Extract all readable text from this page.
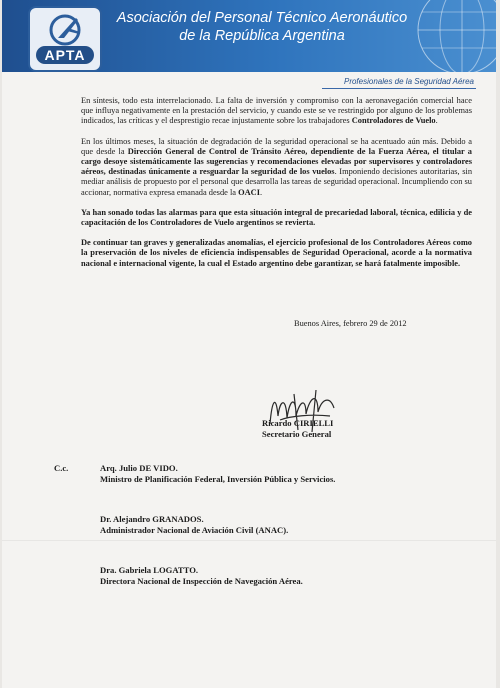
APTA
Asociación del Personal Técnico Aeronáutico
de la República Argentina
Profesionales de la Seguridad Aérea

En síntesis, todo esta interrelacionado. La falta de inversión y compromiso con la aeronavegación comercial hace que influya negativamente en la prestación del servicio, y cuando este se ve restringido por alguno de los problemas indicados, las críticas y el desprestigio recae injustamente sobre los trabajadores Controladores de Vuelo.

En los últimos meses, la situación de degradación de la seguridad operacional se ha acentuado aún más. Debido a que desde la Dirección General de Control de Tránsito Aéreo, dependiente de la Fuerza Aérea, el titular a cargo desoye sistemáticamente las sugerencias y recomendaciones elevadas por supervisores y controladores aéreos, destinadas únicamente a resguardar la seguridad de los vuelos. Imponiendo decisiones autoritarias, sin mediar análisis de propuesto por el personal que desarrolla las tareas de seguridad operacional. Incumpliendo con su accionar, normativa expresa emanada desde la OACI.

Ya han sonado todas las alarmas para que esta situación integral de precariedad laboral, técnica, edilicia y de capacitación de los Controladores de Vuelo argentinos se revierta.

De continuar tan graves y generalizadas anomalías, el ejercicio profesional de los Controladores Aéreos como la preservación de los niveles de eficiencia indispensables de Seguridad Operacional, acorde a la normativa nacional e internacional vigente, la cual el Estado argentino debe garantizar, se hará fatalmente imposible.

Buenos Aires, febrero 29 de 2012
Ricardo CIRIELLI
Secretario General
C.c.	Arq. Julio DE VIDO.
Ministro de Planificación Federal, Inversión Pública y Servicios.
Dr. Alejandro GRANADOS.
Administrador Nacional de Aviación Civil (ANAC).
Dra. Gabriela LOGATTO.
Directora Nacional de Inspección de Navegación Aérea.
